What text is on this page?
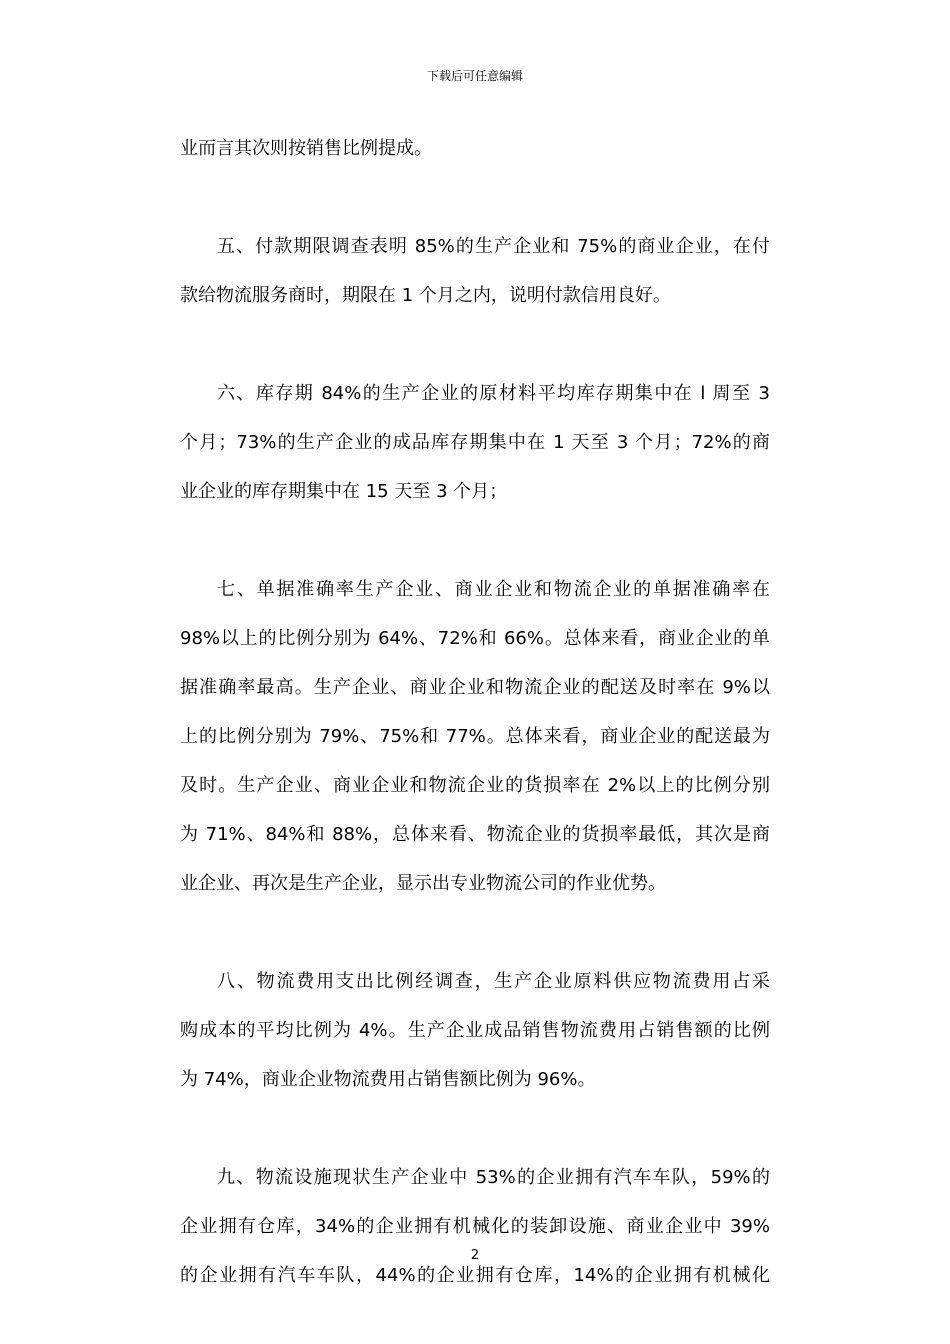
下载后可任意编辑
业而言其次则按销售比例提成。
五、付款期限调查表明 85%的生产企业和 75%的商业企业，在付
款给物流服务商时，期限在 1 个月之内，说明付款信用良好。
六、库存期 84%的生产企业的原材料平均库存期集中在 l 周至 3
个月；73%的生产企业的成品库存期集中在 1 天至 3 个月；72%的商
业企业的库存期集中在 15 天至 3 个月；
七、单据准确率生产企业、商业企业和物流企业的单据准确率在
98%以上的比例分别为 64%、72%和 66%。总体来看，商业企业的单
据准确率最高。生产企业、商业企业和物流企业的配送及时率在 9%以
上的比例分别为 79%、75%和 77%。总体来看，商业企业的配送最为
及时。生产企业、商业企业和物流企业的货损率在 2%以上的比例分别
为 71%、84%和 88%，总体来看、物流企业的货损率最低，其次是商
业企业、再次是生产企业，显示出专业物流公司的作业优势。
八、物流费用支出比例经调查，生产企业原料供应物流费用占采
购成本的平均比例为 4%。生产企业成品销售物流费用占销售额的比例
为 74%，商业企业物流费用占销售额比例为 96%。
九、物流设施现状生产企业中 53%的企业拥有汽车车队，59%的
企业拥有仓库，34%的企业拥有机械化的装卸设施、商业企业中 39%
的企业拥有汽车车队，44%的企业拥有仓库，14%的企业拥有机械化
2
